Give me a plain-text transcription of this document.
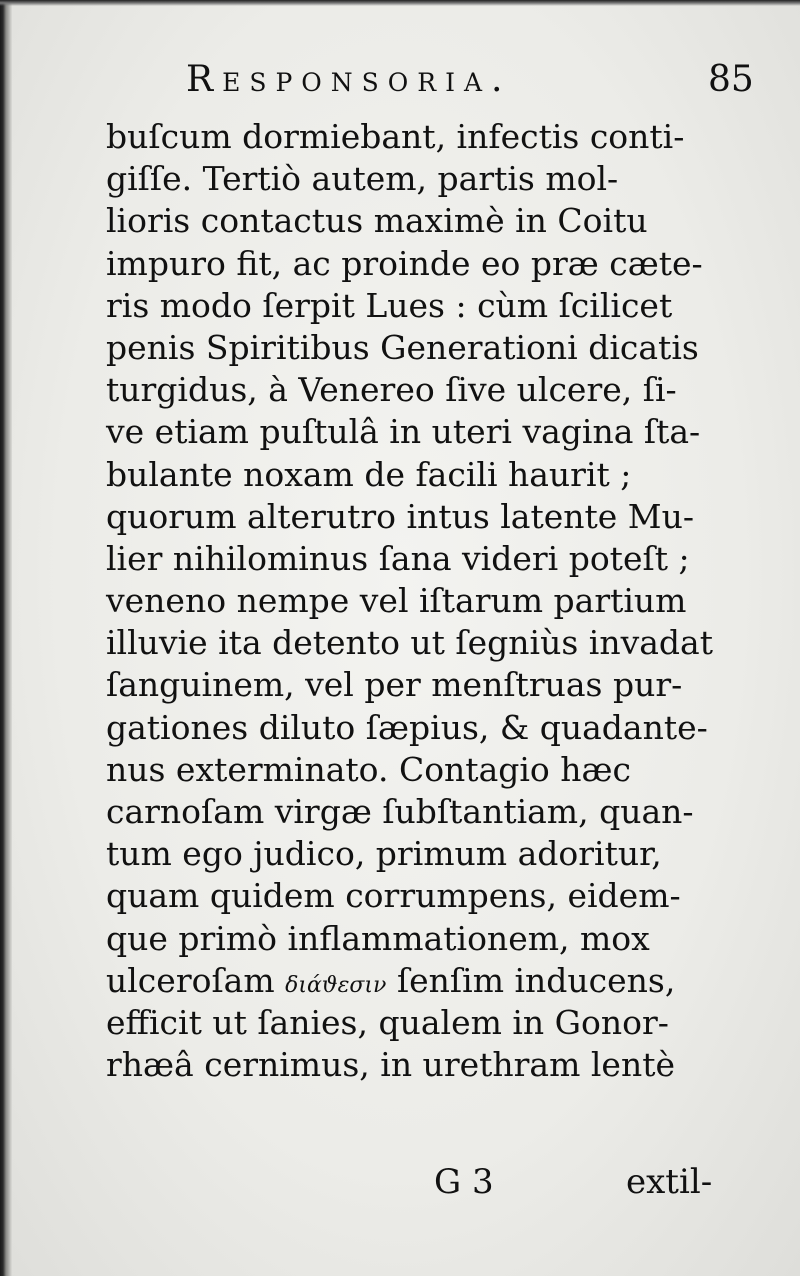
Responsoria.	85
buſcum dormiebant, infectis conti-
giſſe. Tertiò autem, partis mol-
lioris contactus maximè in Coitu
impuro fit, ac proinde eo præ cæte-
ris modo ſerpit Lues : cùm ſcilicet
penis Spiritibus Generationi dicatis
turgidus, à Venereo ſive ulcere, ſi-
ve etiam puſtulâ in uteri vagina ſta-
bulante noxam de facili haurit ;
quorum alterutro intus latente Mu-
lier nihilominus ſana videri poteſt ;
veneno nempe vel iſtarum partium
illuvie ita detento ut ſegniùs invadat
ſanguinem, vel per menſtruas pur-
gationes diluto ſæpius, & quadante-
nus exterminato. Contagio hæc
carnoſam virgæ ſubſtantiam, quan-
tum ego judico, primum adoritur,
quam quidem corrumpens, eidem-
que primò inflammationem, mox
ulceroſam διάϑεσιν ſenſim inducens,
efficit ut ſanies, qualem in Gonor-
rhæâ cernimus, in urethram lentè
G 3	extil-
